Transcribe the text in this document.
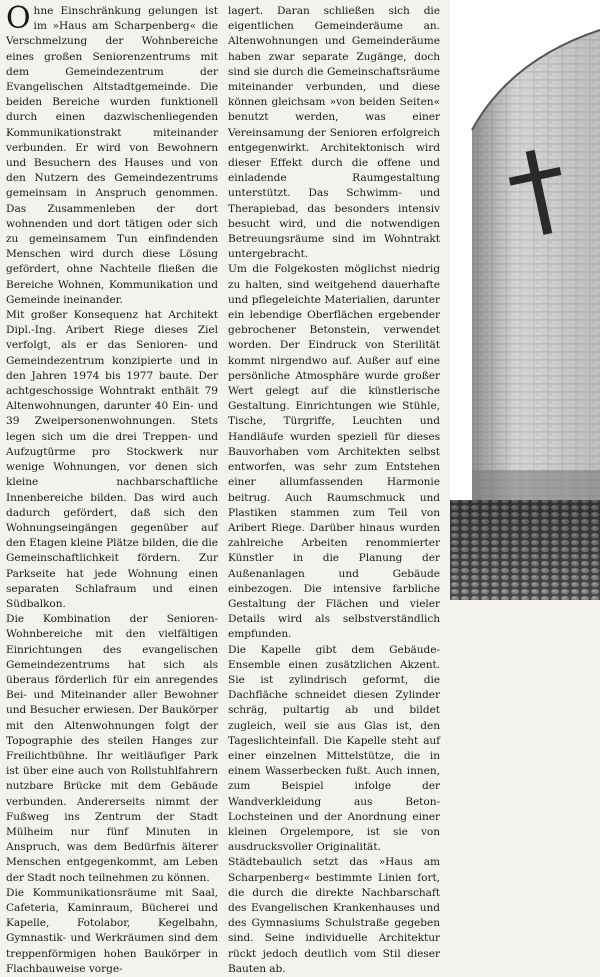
Ohne Einschränkung gelungen ist im »Haus am Scharpenberg« die Verschmelzung der Wohnbereiche eines großen Seniorenzentrums mit dem Gemeindezentrum der Evangelischen Altstadtgemeinde. Die beiden Bereiche wurden funktionell durch einen dazwischenliegenden Kommunikationstrakt miteinander verbunden. Er wird von Bewohnern und Besuchern des Hauses und von den Nutzern des Gemeindezentrums gemeinsam in Anspruch genommen. Das Zusammenleben der dort wohnenden und dort tätigen oder sich zu gemeinsamem Tun einfindenden Menschen wird durch diese Lösung gefördert, ohne Nachteile fließen die Bereiche Wohnen, Kommunikation und Gemeinde ineinander.

Mit großer Konsequenz hat Architekt Dipl.-Ing. Aribert Riege dieses Ziel verfolgt, als er das Senioren- und Gemeindezentrum konzipierte und in den Jahren 1974 bis 1977 baute. Der achtgeschossige Wohntrakt enthält 79 Altenwohnungen, darunter 40 Ein- und 39 Zweipersonenwohnungen. Stets legen sich um die drei Treppen- und Aufzugtürme pro Stockwerk nur wenige Wohnungen, vor denen sich kleine nachbarschaftliche Innenbereiche bilden. Das wird auch dadurch gefördert, daß sich den Wohnungseingängen gegenüber auf den Etagen kleine Plätze bilden, die die Gemeinschaftlichkeit fördern. Zur Parkseite hat jede Wohnung einen separaten Schlafraum und einen Südbalkon.

Die Kombination der Senioren-Wohnbereiche mit den vielfältigen Einrichtungen des evangelischen Gemeindezentrums hat sich als überaus förderlich für ein anregendes Bei- und Miteinander aller Bewohner und Besucher erwiesen. Der Baukörper mit den Altenwohnungen folgt der Topographie des steilen Hanges zur Freilichtbühne. Ihr weitläufiger Park ist über eine auch von Rollstuhlfahrern nutzbare Brücke mit dem Gebäude verbunden. Andererseits nimmt der Fußweg ins Zentrum der Stadt Mülheim nur fünf Minuten in Anspruch, was dem Bedürfnis älterer Menschen entgegenkommt, am Leben der Stadt noch teilnehmen zu können.

Die Kommunikationsräume mit Saal, Cafeteria, Kaminraum, Bücherei und Kapelle, Fotolabor, Kegelbahn, Gymnastik- und Werkräumen sind dem treppenförmigen hohen Baukörper in Flachbauweise vorge-

lagert. Daran schließen sich die eigentlichen Gemeinderäume an. Altenwohnungen und Gemeinderäume haben zwar separate Zugänge, doch sind sie durch die Gemeinschaftsräume miteinander verbunden, und diese können gleichsam »von beiden Seiten« benutzt werden, was einer Vereinsamung der Senioren erfolgreich entgegenwirkt. Architektonisch wird dieser Effekt durch die offene und einladende Raumgestaltung unterstützt. Das Schwimm- und Therapiebad, das besonders intensiv besucht wird, und die notwendigen Betreuungsräume sind im Wohntrakt untergebracht.

Um die Folgekosten möglichst niedrig zu halten, sind weitgehend dauerhafte und pflegeleichte Materialien, darunter ein lebendige Oberflächen ergebender gebrochener Betonstein, verwendet worden. Der Eindruck von Sterilität kommt nirgendwo auf. Außer auf eine persönliche Atmosphäre wurde großer Wert gelegt auf die künstlerische Gestaltung. Einrichtungen wie Stühle, Tische, Türgriffe, Leuchten und Handläufe wurden speziell für dieses Bauvorhaben vom Architekten selbst entworfen, was sehr zum Entstehen einer allumfassenden Harmonie beitrug. Auch Raumschmuck und Plastiken stammen zum Teil von Aribert Riege. Darüber hinaus wurden zahlreiche Arbeiten renommierter Künstler in die Planung der Außenanlagen und Gebäude einbezogen. Die intensive farbliche Gestaltung der Flächen und vieler Details wird als selbstverständlich empfunden.

Die Kapelle gibt dem Gebäude-Ensemble einen zusätzlichen Akzent. Sie ist zylindrisch geformt, die Dachfläche schneidet diesen Zylinder schräg, pultartig ab und bildet zugleich, weil sie aus Glas ist, den Tageslichteinfall. Die Kapelle steht auf einer einzelnen Mittelstütze, die in einem Wasserbecken fußt. Auch innen, zum Beispiel infolge der Wandverkleidung aus Beton-Lochsteinen und der Anordnung einer kleinen Orgelempore, ist sie von ausdrucksvoller Originalität.

Städtebaulich setzt das »Haus am Scharpenberg« bestimmte Linien fort, die durch die direkte Nachbarschaft des Evangelischen Krankenhauses und des Gymnasiums Schulstraße gegeben sind. Seine individuelle Architektur rückt jedoch deutlich vom Stil dieser Bauten ab.
